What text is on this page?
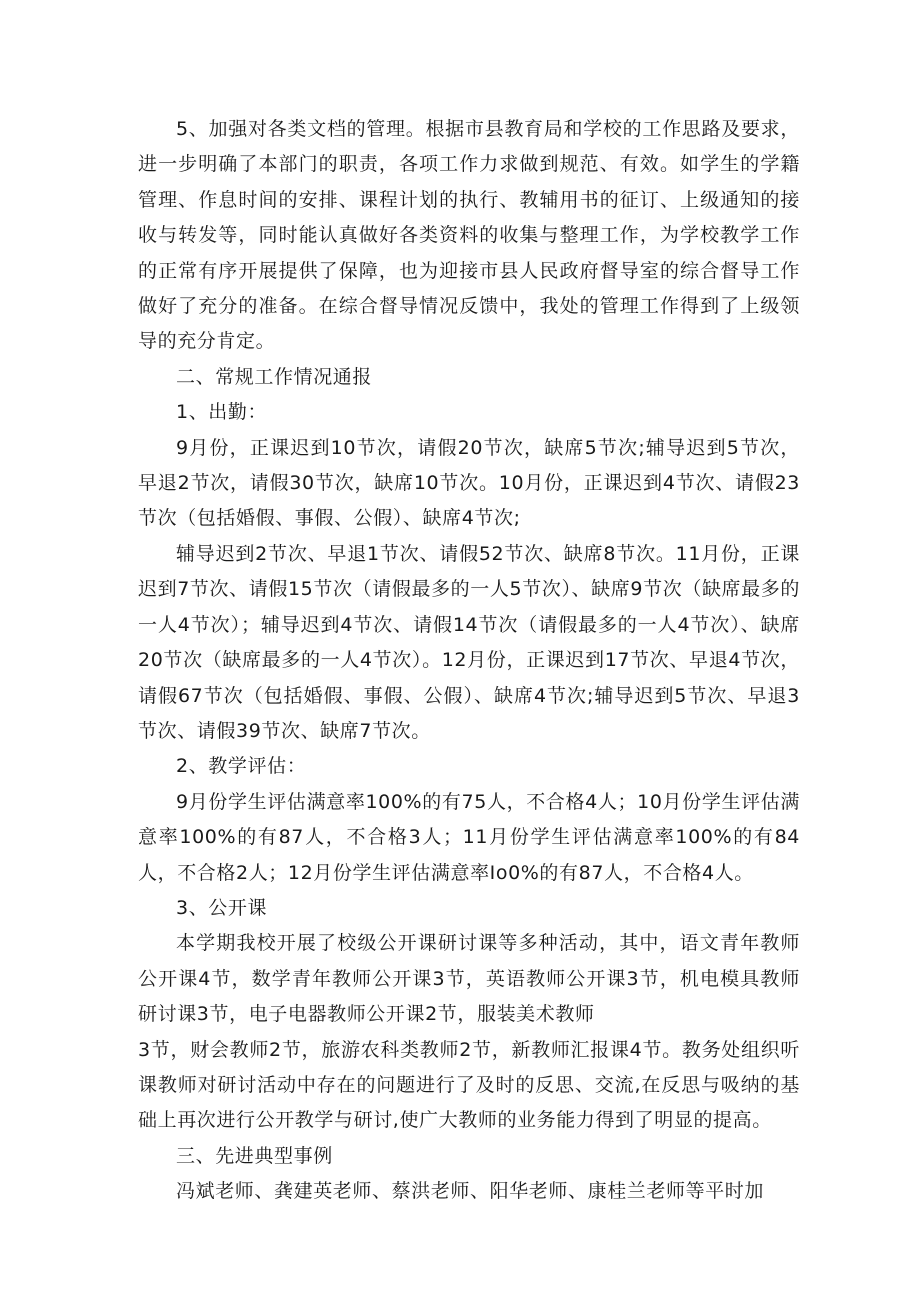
5、加强对各类文档的管理。根据市县教育局和学校的工作思路及要求，进一步明确了本部门的职责，各项工作力求做到规范、有效。如学生的学籍管理、作息时间的安排、课程计划的执行、教辅用书的征订、上级通知的接收与转发等，同时能认真做好各类资料的收集与整理工作，为学校教学工作的正常有序开展提供了保障，也为迎接市县人民政府督导室的综合督导工作做好了充分的准备。在综合督导情况反馈中，我处的管理工作得到了上级领导的充分肯定。

二、常规工作情况通报

1、出勤：

9月份，正课迟到10节次，请假20节次，缺席5节次;辅导迟到5节次，早退2节次，请假30节次，缺席10节次。10月份，正课迟到4节次、请假23节次（包括婚假、事假、公假）、缺席4节次;

辅导迟到2节次、早退1节次、请假52节次、缺席8节次。11月份，正课迟到7节次、请假15节次（请假最多的一人5节次）、缺席9节次（缺席最多的一人4节次）；辅导迟到4节次、请假14节次（请假最多的一人4节次）、缺席20节次（缺席最多的一人4节次）。12月份，正课迟到17节次、早退4节次，请假67节次（包括婚假、事假、公假）、缺席4节次;辅导迟到5节次、早退3节次、请假39节次、缺席7节次。

2、教学评估：

9月份学生评估满意率100%的有75人，不合格4人；10月份学生评估满意率100%的有87人，不合格3人；11月份学生评估满意率100%的有84人，不合格2人；12月份学生评估满意率Io0%的有87人，不合格4人。

3、公开课

本学期我校开展了校级公开课研讨课等多种活动，其中，语文青年教师公开课4节，数学青年教师公开课3节，英语教师公开课3节，机电模具教师研讨课3节，电子电器教师公开课2节，服装美术教师

3节，财会教师2节，旅游农科类教师2节，新教师汇报课4节。教务处组织听课教师对研讨活动中存在的问题进行了及时的反思、交流,在反思与吸纳的基础上再次进行公开教学与研讨,使广大教师的业务能力得到了明显的提高。

三、先进典型事例

冯斌老师、龚建英老师、蔡洪老师、阳华老师、康桂兰老师等平时加
